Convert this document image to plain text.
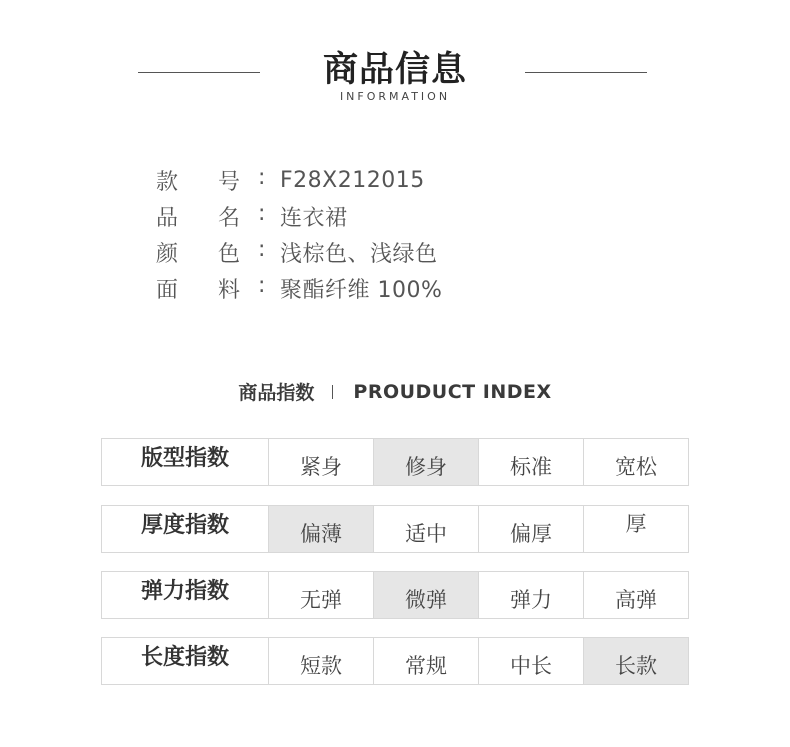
商品信息
INFORMATION
款	号 : F28X212015
品	名 : 连衣裙
颜	色 : 浅棕色、浅绿色
面	料 : 聚酯纤维 100%
商品指数 PROUDUCT INDEX
版型指数	紧身	修身	标准	宽松
厚度指数	偏薄	适中	偏厚	厚
弹力指数	无弹	微弹	弹力	高弹
长度指数	短款	常规	中长	长款
